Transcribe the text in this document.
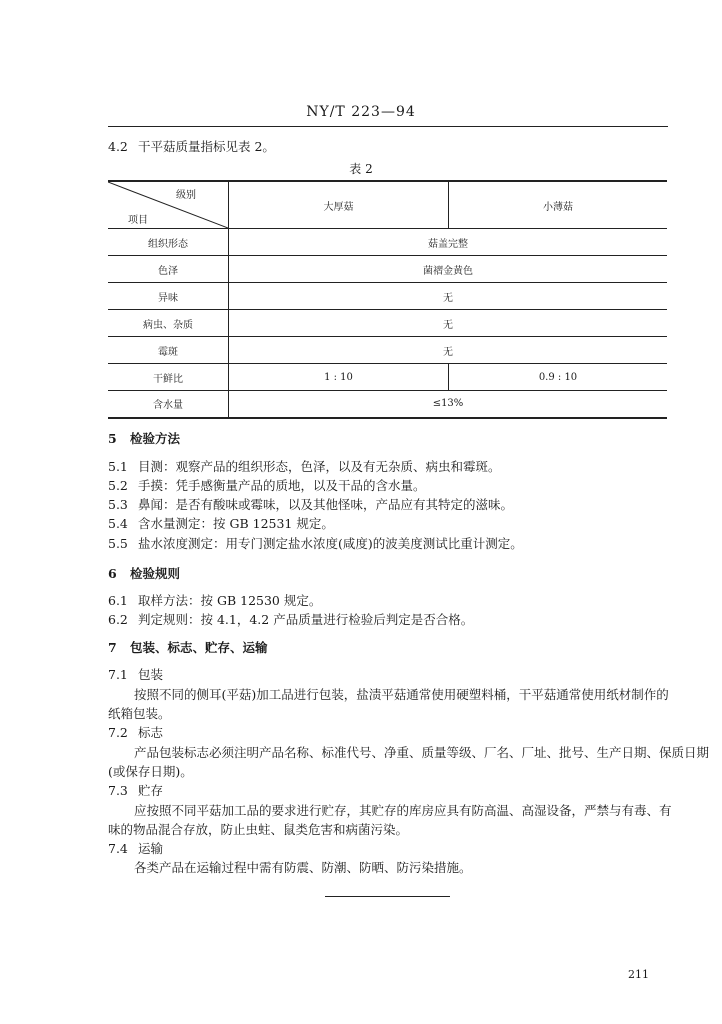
NY/T 223—94
4.2 干平菇质量指标见表 2。
表 2
级别
项目	大厚菇	小薄菇
组织形态	菇盖完整	
色泽	菌褶金黄色	
异味	无	
病虫、杂质	无	
霉斑	无	
干鲜比	1 : 10	0.9 : 10
含水量	≤13%	
5 检验方法
5.1 目测：观察产品的组织形态，色泽，以及有无杂质、病虫和霉斑。
5.2 手摸：凭手感衡量产品的质地，以及干品的含水量。
5.3 鼻闻：是否有酸味或霉味，以及其他怪味，产品应有其特定的滋味。
5.4 含水量测定：按 GB 12531 规定。
5.5 盐水浓度测定：用专门测定盐水浓度(咸度)的波美度测试比重计测定。
6 检验规则
6.1 取样方法：按 GB 12530 规定。
6.2 判定规则：按 4.1，4.2 产品质量进行检验后判定是否合格。
7 包装、标志、贮存、运输
7.1 包装
按照不同的侧耳(平菇)加工品进行包装，盐渍平菇通常使用硬塑料桶，干平菇通常使用纸材制作的
纸箱包装。
7.2 标志
产品包装标志必须注明产品名称、标准代号、净重、质量等级、厂名、厂址、批号、生产日期、保质日期
(或保存日期)。
7.3 贮存
应按照不同平菇加工品的要求进行贮存，其贮存的库房应具有防高温、高湿设备，严禁与有毒、有
味的物品混合存放，防止虫蛀、鼠类危害和病菌污染。
7.4 运输
各类产品在运输过程中需有防震、防潮、防晒、防污染措施。
211
